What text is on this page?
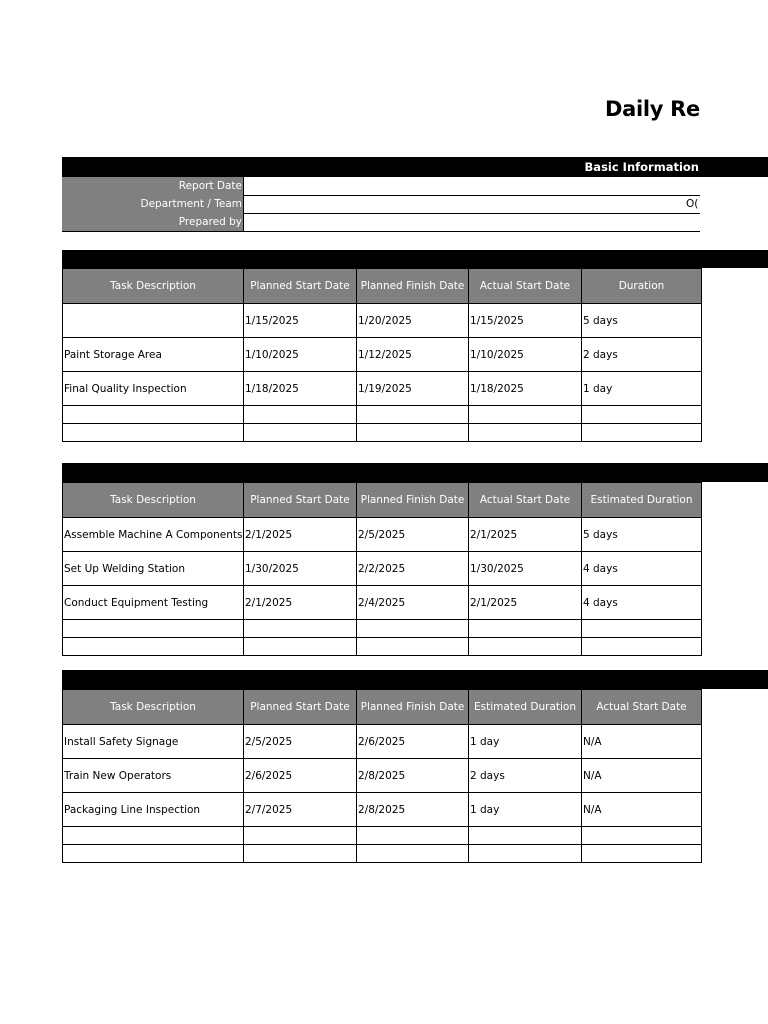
Daily Re
Basic Information
Report Date
Department / Team	O(
Prepared by
Task Description	Planned Start Date	Planned Finish Date	Actual Start Date	Duration
	1/15/2025	1/20/2025	1/15/2025	5 days
Paint Storage Area	1/10/2025	1/12/2025	1/10/2025	2 days
Final Quality Inspection	1/18/2025	1/19/2025	1/18/2025	1 day

Task Description	Planned Start Date	Planned Finish Date	Actual Start Date	Estimated Duration
Assemble Machine A Components	2/1/2025	2/5/2025	2/1/2025	5 days
Set Up Welding Station	1/30/2025	2/2/2025	1/30/2025	4 days
Conduct Equipment Testing	2/1/2025	2/4/2025	2/1/2025	4 days

Task Description	Planned Start Date	Planned Finish Date	Estimated Duration	Actual Start Date
Install Safety Signage	2/5/2025	2/6/2025	1 day	N/A
Train New Operators	2/6/2025	2/8/2025	2 days	N/A
Packaging Line Inspection	2/7/2025	2/8/2025	1 day	N/A
